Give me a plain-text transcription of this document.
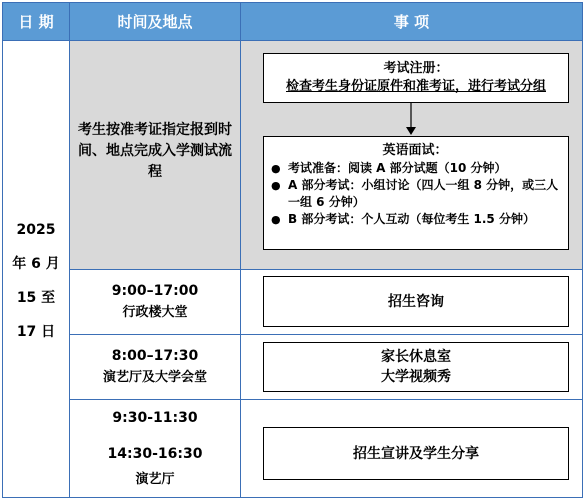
日 期	时间及地点	事 项
2025
年 6 月
15 至
17 日
考生按准考证指定报到时间、地点完成入学测试流程
考试注册：
检查考生身份证原件和准考证，进行考试分组
英语面试：
● 考试准备：阅读 A 部分试题（10 分钟）
● A 部分考试：小组讨论（四人一组 8 分钟，或三人一组 6 分钟）
● B 部分考试：个人互动（每位考生 1.5 分钟）
9:00–17:00
行政楼大堂
招生咨询
8:00–17:30
演艺厅及大学会堂
家长休息室
大学视频秀
9:30-11:30
14:30-16:30
演艺厅
招生宣讲及学生分享
